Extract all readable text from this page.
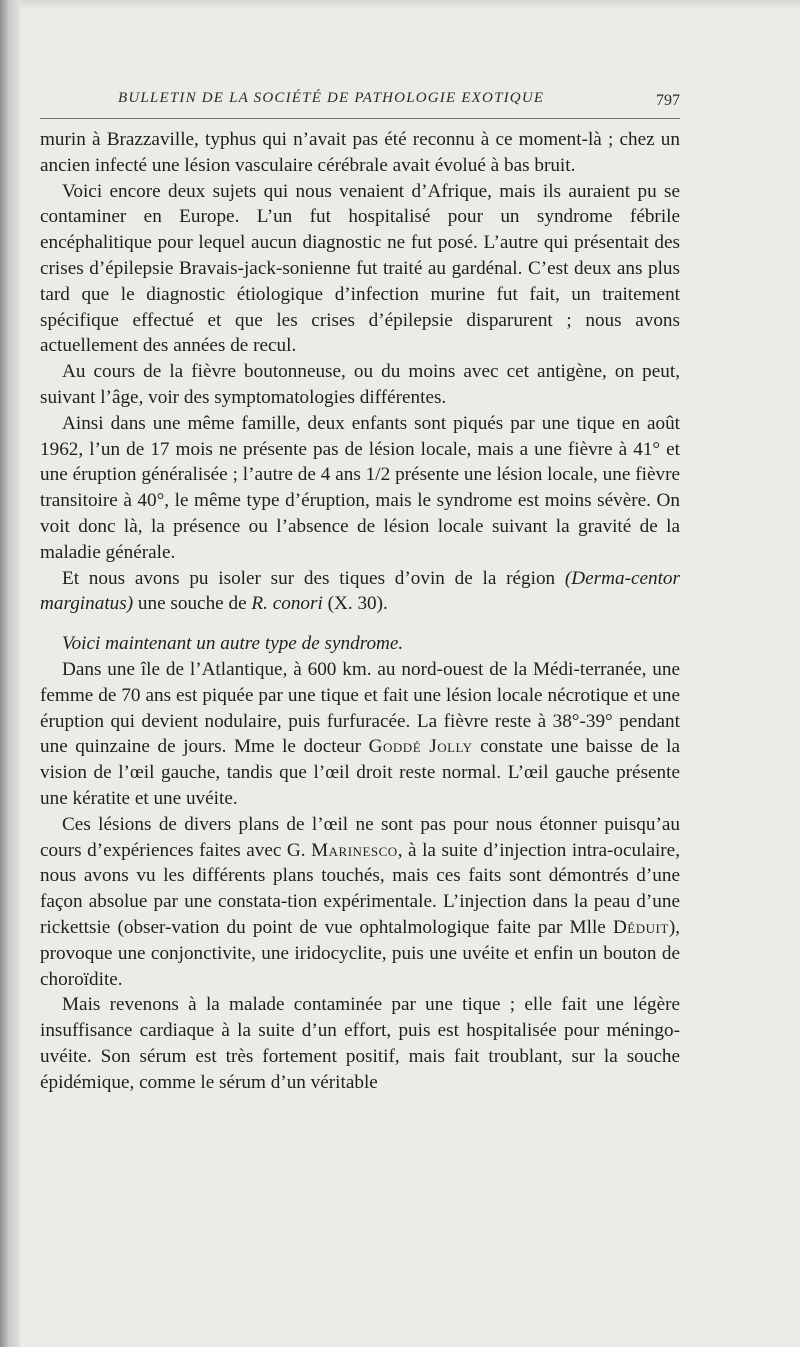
BULLETIN DE LA SOCIÉTÉ DE PATHOLOGIE EXOTIQUE	797

murin à Brazzaville, typhus qui n’avait pas été reconnu à ce moment-là ; chez un ancien infecté une lésion vasculaire cérébrale avait évolué à bas bruit.

Voici encore deux sujets qui nous venaient d’Afrique, mais ils auraient pu se contaminer en Europe. L’un fut hospitalisé pour un syndrome fébrile encéphalitique pour lequel aucun diagnostic ne fut posé. L’autre qui présentait des crises d’épilepsie Bravais-jack-sonienne fut traité au gardénal. C’est deux ans plus tard que le diagnostic étiologique d’infection murine fut fait, un traitement spécifique effectué et que les crises d’épilepsie disparurent ; nous avons actuellement des années de recul.

Au cours de la fièvre boutonneuse, ou du moins avec cet antigène, on peut, suivant l’âge, voir des symptomatologies différentes.

Ainsi dans une même famille, deux enfants sont piqués par une tique en août 1962, l’un de 17 mois ne présente pas de lésion locale, mais a une fièvre à 41° et une éruption généralisée ; l’autre de 4 ans 1/2 présente une lésion locale, une fièvre transitoire à 40°, le même type d’éruption, mais le syndrome est moins sévère. On voit donc là, la présence ou l’absence de lésion locale suivant la gravité de la maladie générale.

Et nous avons pu isoler sur des tiques d’ovin de la région (Derma-centor marginatus) une souche de R. conori (X. 30).

Voici maintenant un autre type de syndrome.

Dans une île de l’Atlantique, à 600 km. au nord-ouest de la Médi-terranée, une femme de 70 ans est piquée par une tique et fait une lésion locale nécrotique et une éruption qui devient nodulaire, puis furfuracée. La fièvre reste à 38°-39° pendant une quinzaine de jours. Mme le docteur Goddé Jolly constate une baisse de la vision de l’œil gauche, tandis que l’œil droit reste normal. L’œil gauche présente une kératite et une uvéite.

Ces lésions de divers plans de l’œil ne sont pas pour nous étonner puisqu’au cours d’expériences faites avec G. Marinesco, à la suite d’injection intra-oculaire, nous avons vu les différents plans touchés, mais ces faits sont démontrés d’une façon absolue par une constata-tion expérimentale. L’injection dans la peau d’une rickettsie (obser-vation du point de vue ophtalmologique faite par Mlle Déduit), provoque une conjonctivite, une iridocyclite, puis une uvéite et enfin un bouton de choroïdite.

Mais revenons à la malade contaminée par une tique ; elle fait une légère insuffisance cardiaque à la suite d’un effort, puis est hospitalisée pour méningo-uvéite. Son sérum est très fortement positif, mais fait troublant, sur la souche épidémique, comme le sérum d’un véritable
